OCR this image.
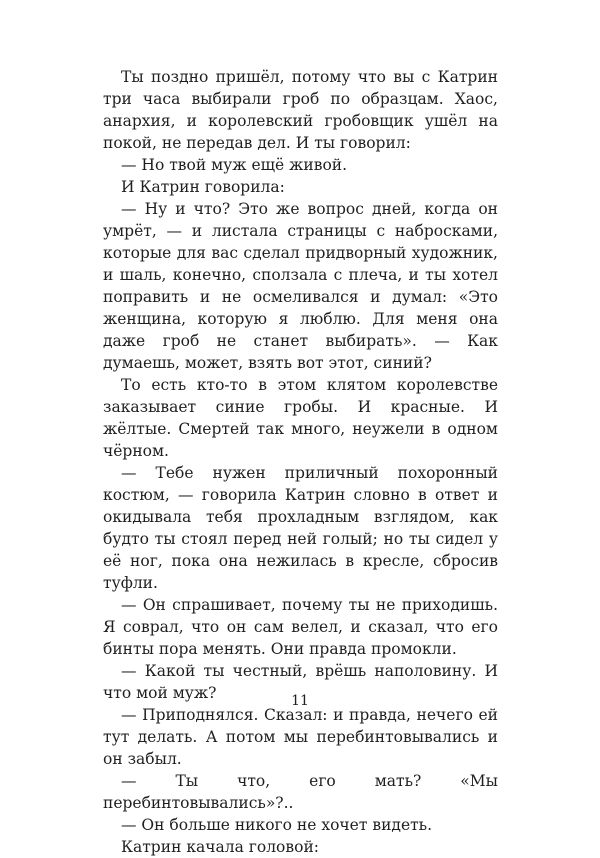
Ты поздно пришёл, потому что вы с Катрин три часа выбирали гроб по образцам. Хаос, анархия, и королевский гробовщик ушёл на покой, не передав дел. И ты говорил:

— Но твой муж ещё живой.

И Катрин говорила:

— Ну и что? Это же вопрос дней, когда он умрёт, — и листала страницы с набросками, которые для вас сделал придворный художник, и шаль, конечно, сползала с плеча, и ты хотел поправить и не осмеливался и думал: «Это женщина, которую я люблю. Для меня она даже гроб не станет выбирать». — Как думаешь, может, взять вот этот, синий?

То есть кто-то в этом клятом королевстве заказывает синие гробы. И красные. И жёлтые. Смертей так много, неужели в одном чёрном.

— Тебе нужен приличный похоронный костюм, — говорила Катрин словно в ответ и окидывала тебя прохладным взглядом, как будто ты стоял перед ней голый; но ты сидел у её ног, пока она нежилась в кресле, сбросив туфли.

— Он спрашивает, почему ты не приходишь. Я соврал, что он сам велел, и сказал, что его бинты пора менять. Они правда промокли.

— Какой ты честный, врёшь наполовину. И что мой муж?

— Приподнялся. Сказал: и правда, нечего ей тут делать. А потом мы перебинтовывались и он забыл.

— Ты что, его мать? «Мы перебинтовывались»?..

— Он больше никого не хочет видеть.

Катрин качала головой:

11
